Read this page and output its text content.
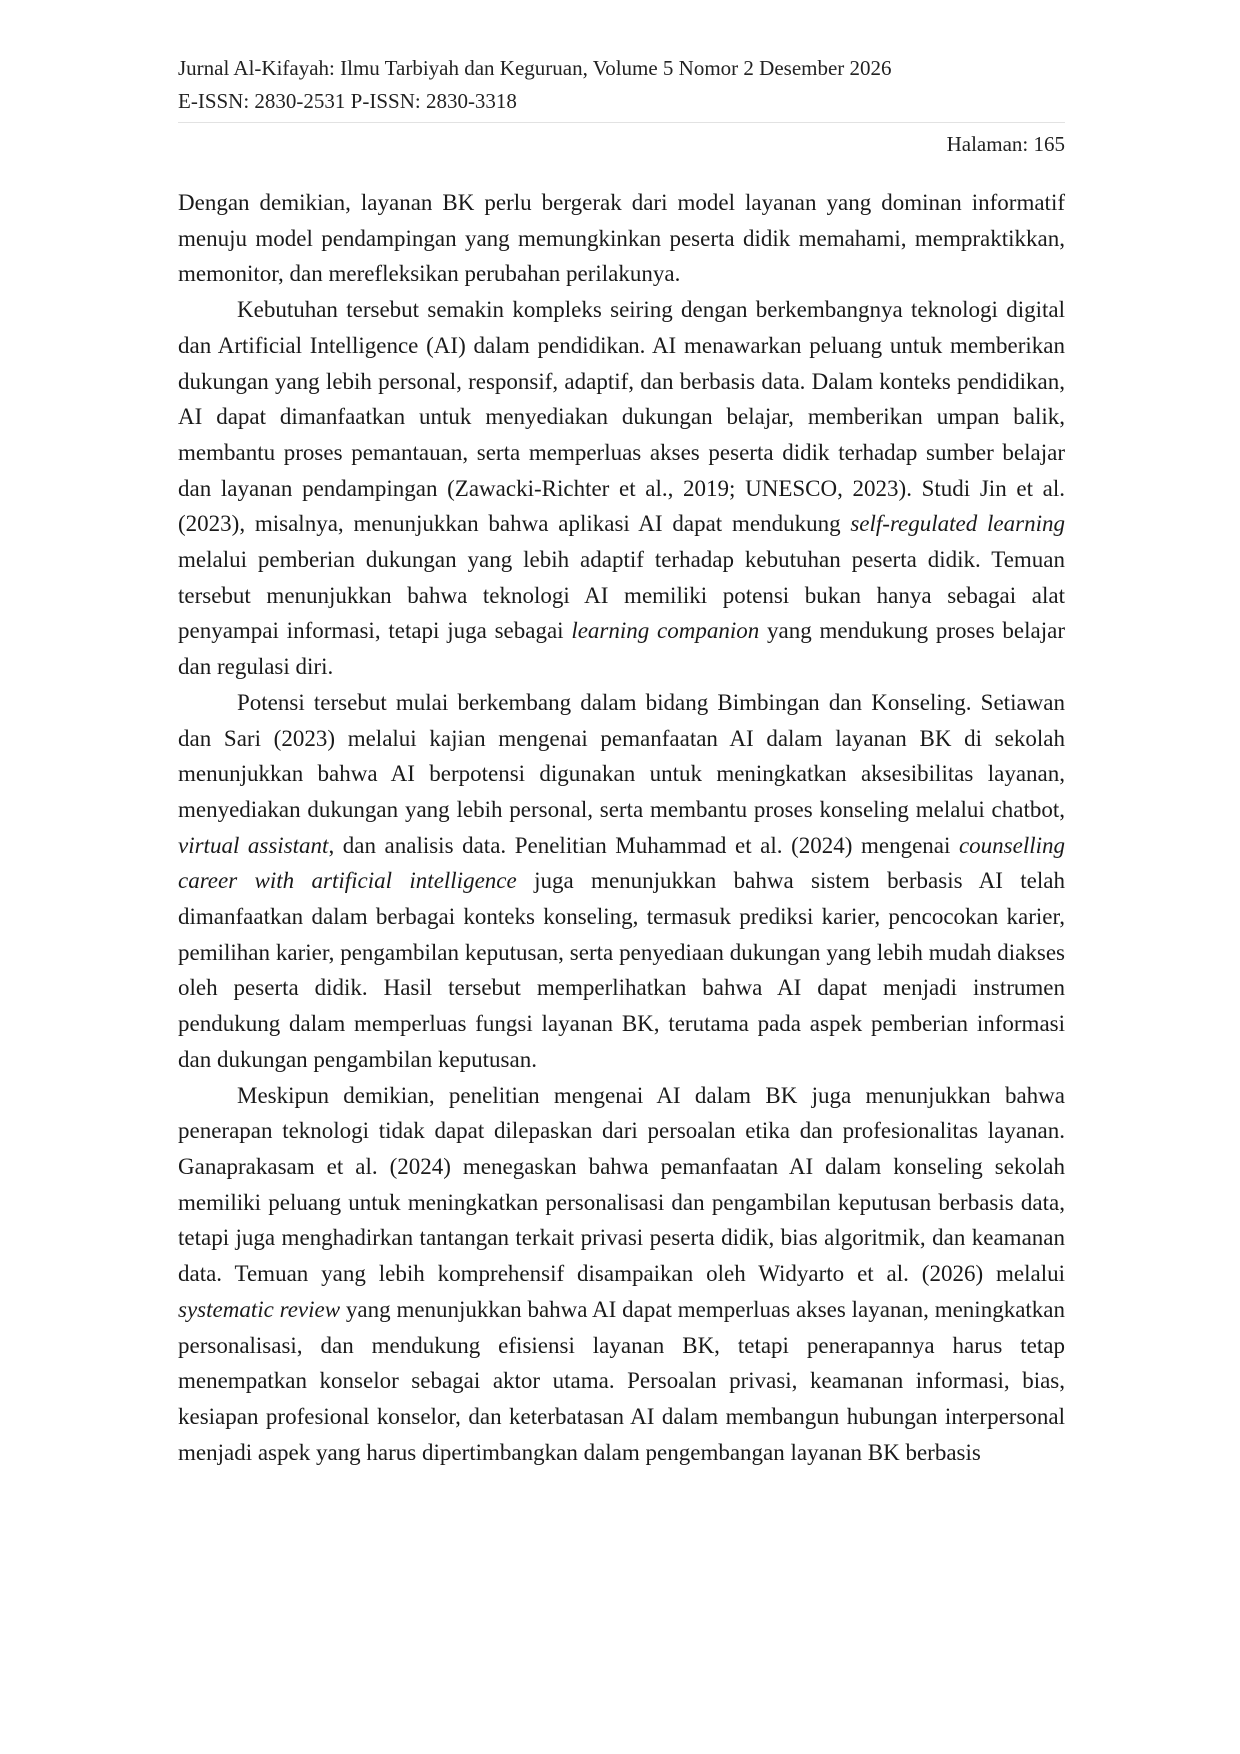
Jurnal Al-Kifayah: Ilmu Tarbiyah dan Keguruan, Volume 5 Nomor 2 Desember 2026
E-ISSN: 2830-2531 P-ISSN: 2830-3318
Halaman: 165

Dengan demikian, layanan BK perlu bergerak dari model layanan yang dominan informatif menuju model pendampingan yang memungkinkan peserta didik memahami, mempraktikkan, memonitor, dan merefleksikan perubahan perilakunya.

Kebutuhan tersebut semakin kompleks seiring dengan berkembangnya teknologi digital dan Artificial Intelligence (AI) dalam pendidikan. AI menawarkan peluang untuk memberikan dukungan yang lebih personal, responsif, adaptif, dan berbasis data. Dalam konteks pendidikan, AI dapat dimanfaatkan untuk menyediakan dukungan belajar, memberikan umpan balik, membantu proses pemantauan, serta memperluas akses peserta didik terhadap sumber belajar dan layanan pendampingan (Zawacki-Richter et al., 2019; UNESCO, 2023). Studi Jin et al. (2023), misalnya, menunjukkan bahwa aplikasi AI dapat mendukung self-regulated learning melalui pemberian dukungan yang lebih adaptif terhadap kebutuhan peserta didik. Temuan tersebut menunjukkan bahwa teknologi AI memiliki potensi bukan hanya sebagai alat penyampai informasi, tetapi juga sebagai learning companion yang mendukung proses belajar dan regulasi diri.

Potensi tersebut mulai berkembang dalam bidang Bimbingan dan Konseling. Setiawan dan Sari (2023) melalui kajian mengenai pemanfaatan AI dalam layanan BK di sekolah menunjukkan bahwa AI berpotensi digunakan untuk meningkatkan aksesibilitas layanan, menyediakan dukungan yang lebih personal, serta membantu proses konseling melalui chatbot, virtual assistant, dan analisis data. Penelitian Muhammad et al. (2024) mengenai counselling career with artificial intelligence juga menunjukkan bahwa sistem berbasis AI telah dimanfaatkan dalam berbagai konteks konseling, termasuk prediksi karier, pencocokan karier, pemilihan karier, pengambilan keputusan, serta penyediaan dukungan yang lebih mudah diakses oleh peserta didik. Hasil tersebut memperlihatkan bahwa AI dapat menjadi instrumen pendukung dalam memperluas fungsi layanan BK, terutama pada aspek pemberian informasi dan dukungan pengambilan keputusan.

Meskipun demikian, penelitian mengenai AI dalam BK juga menunjukkan bahwa penerapan teknologi tidak dapat dilepaskan dari persoalan etika dan profesionalitas layanan. Ganaprakasam et al. (2024) menegaskan bahwa pemanfaatan AI dalam konseling sekolah memiliki peluang untuk meningkatkan personalisasi dan pengambilan keputusan berbasis data, tetapi juga menghadirkan tantangan terkait privasi peserta didik, bias algoritmik, dan keamanan data. Temuan yang lebih komprehensif disampaikan oleh Widyarto et al. (2026) melalui systematic review yang menunjukkan bahwa AI dapat memperluas akses layanan, meningkatkan personalisasi, dan mendukung efisiensi layanan BK, tetapi penerapannya harus tetap menempatkan konselor sebagai aktor utama. Persoalan privasi, keamanan informasi, bias, kesiapan profesional konselor, dan keterbatasan AI dalam membangun hubungan interpersonal menjadi aspek yang harus dipertimbangkan dalam pengembangan layanan BK berbasis
